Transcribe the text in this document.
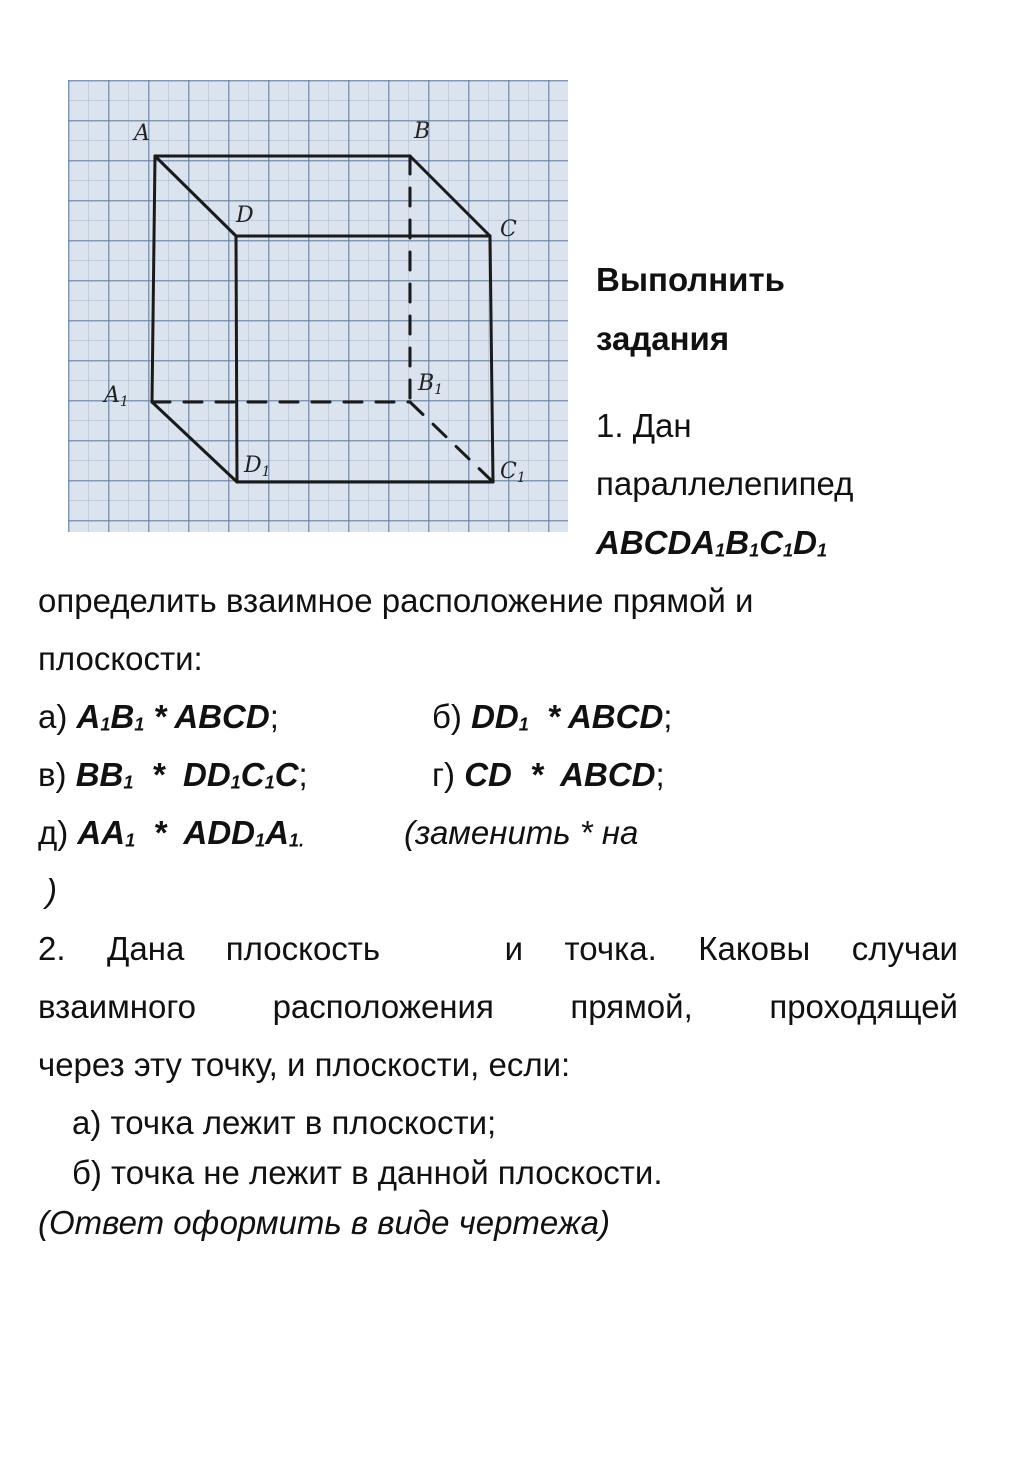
A	B
C
D
A1
B1
C1
D1
Выполнить
задания
1. Дан
параллелепипед
$ABCDA_1B_1C_1D_1$
определить взаимное расположение прямой и
плоскости:
а) $A_1B_1$ * ABCD;	б) $DD_1$  * ABCD;
в) $BB_1 * DD_1C_1C$;	г) CD  *  ABCD;
д) $AA_1 * ADD_1A_{1.}$	(заменить * на
)
2. Дана плоскость   и точка. Каковы случаи
взаимного расположения прямой, проходящей
через эту точку, и плоскости, если:
а) точка лежит в плоскости;
б) точка не лежит в данной плоскости.
(Ответ оформить в виде чертежа)
